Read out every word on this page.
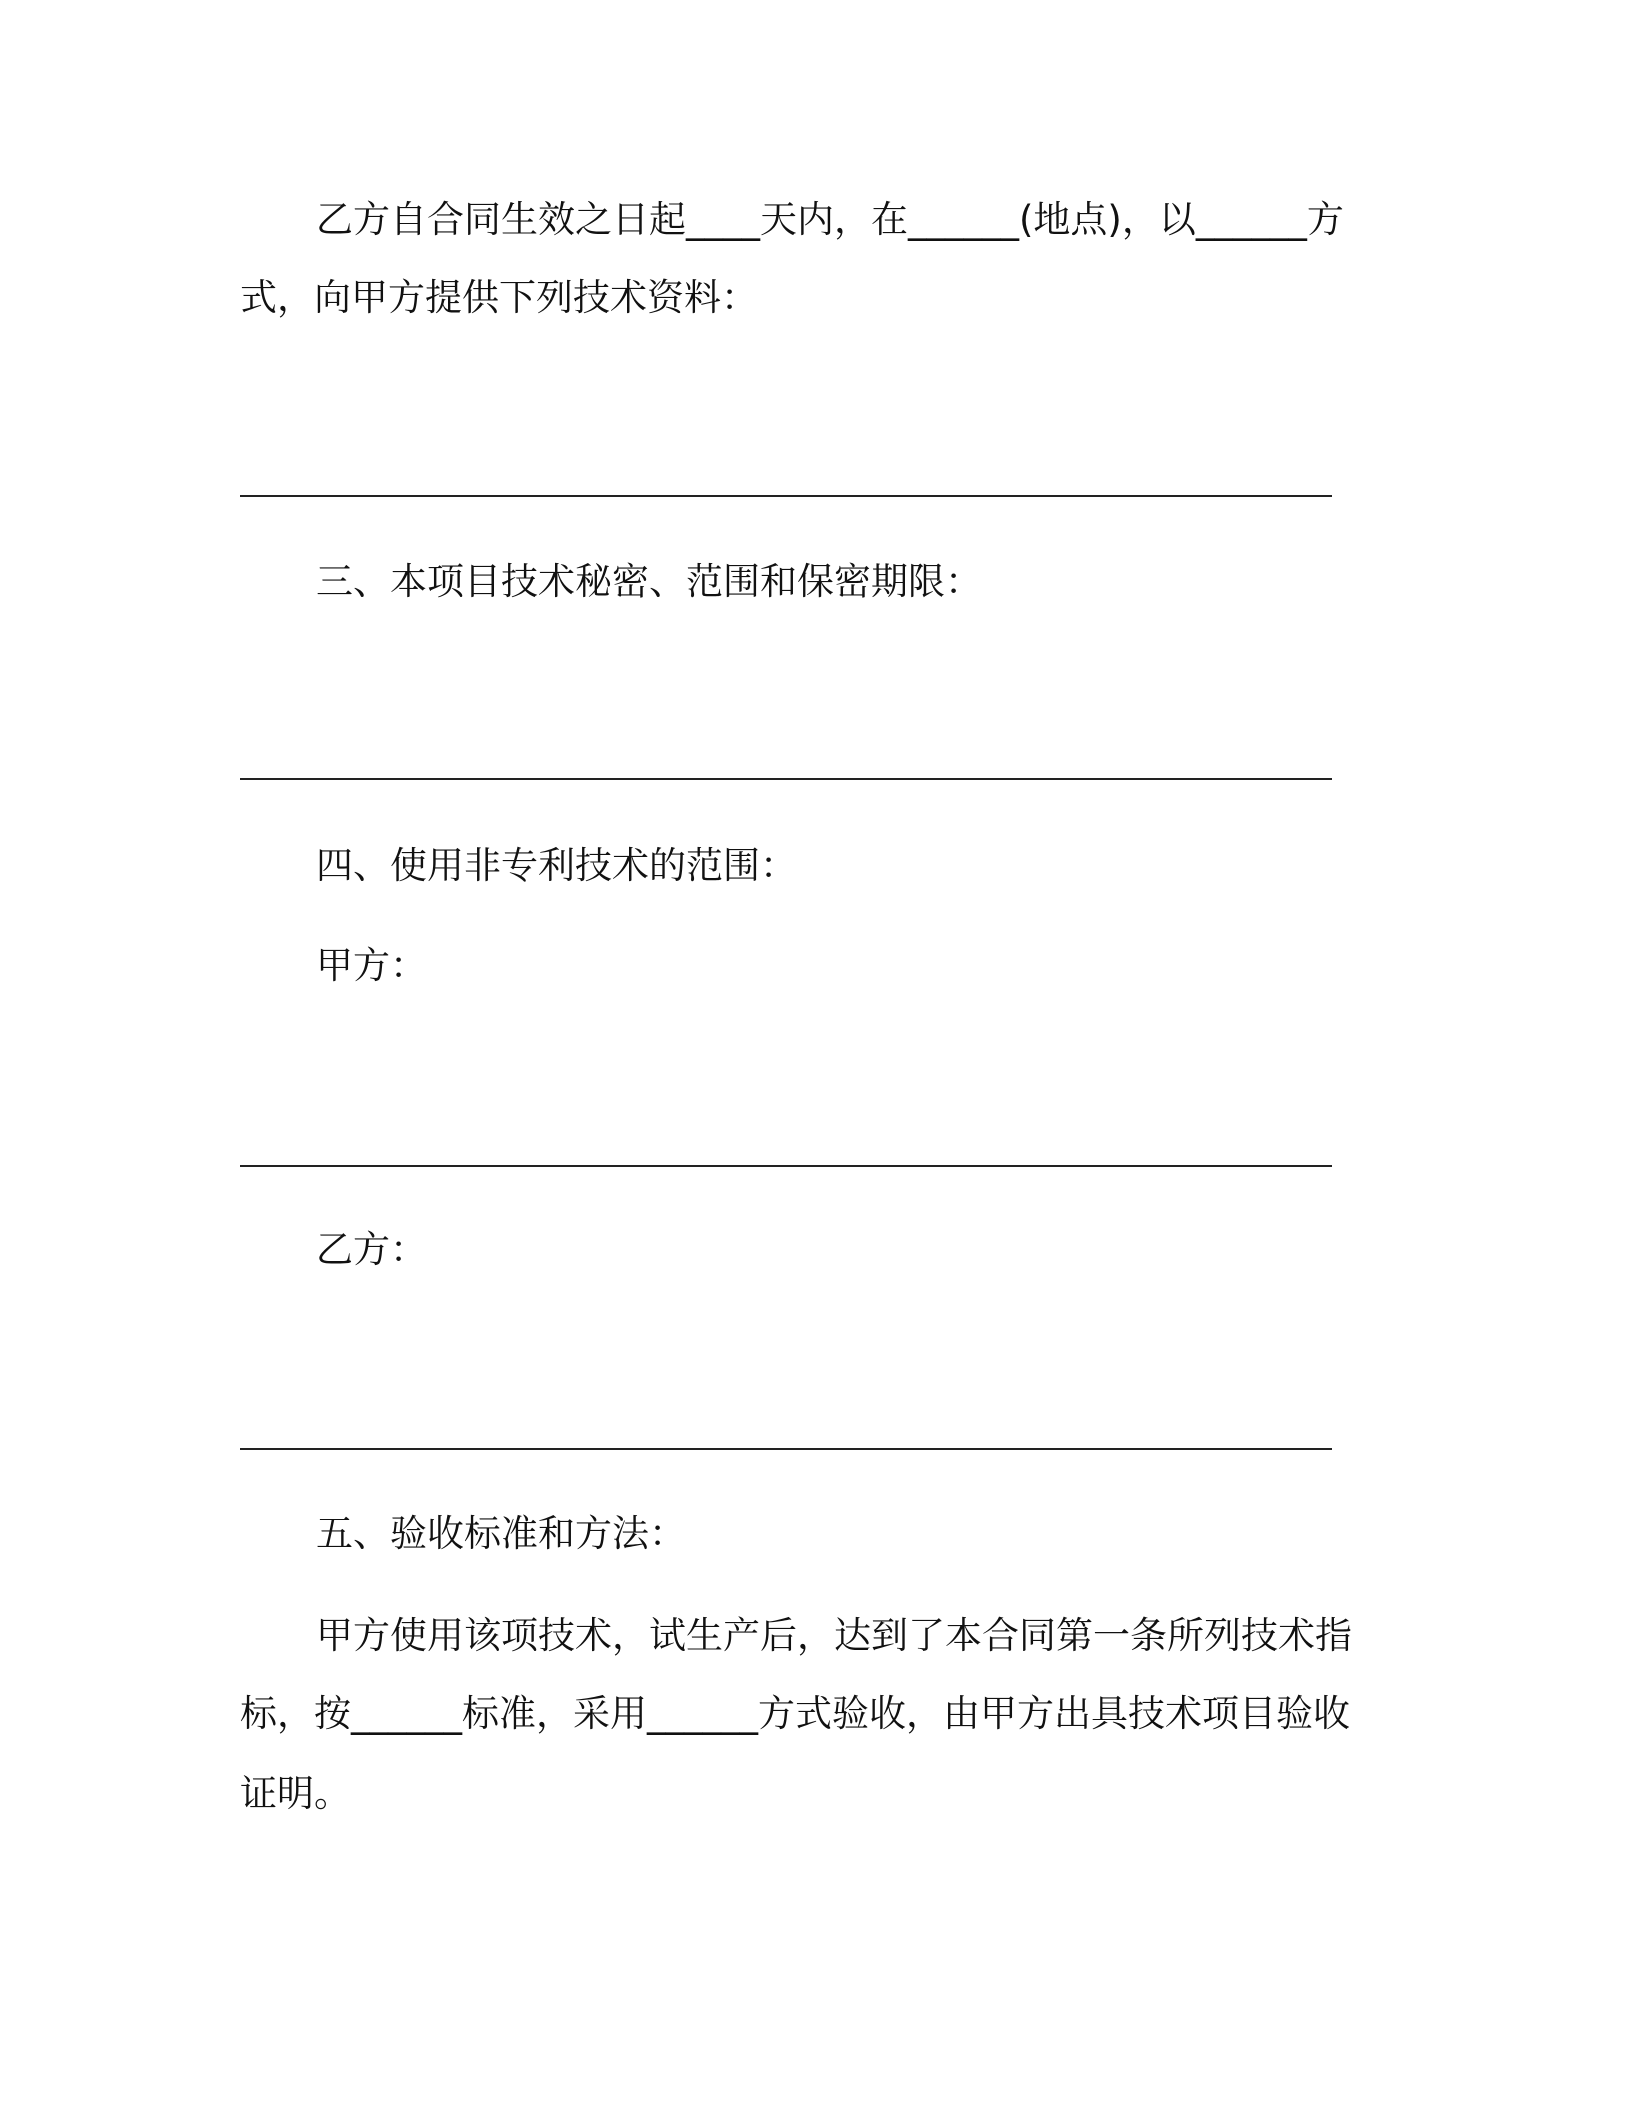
乙方自合同生效之日起____天内，在______(地点)，以______方
式，向甲方提供下列技术资料：
三、本项目技术秘密、范围和保密期限：
四、使用非专利技术的范围：
甲方：
乙方：
五、验收标准和方法：
甲方使用该项技术，试生产后，达到了本合同第一条所列技术指
标，按______标准，采用______方式验收，由甲方出具技术项目验收
证明。
